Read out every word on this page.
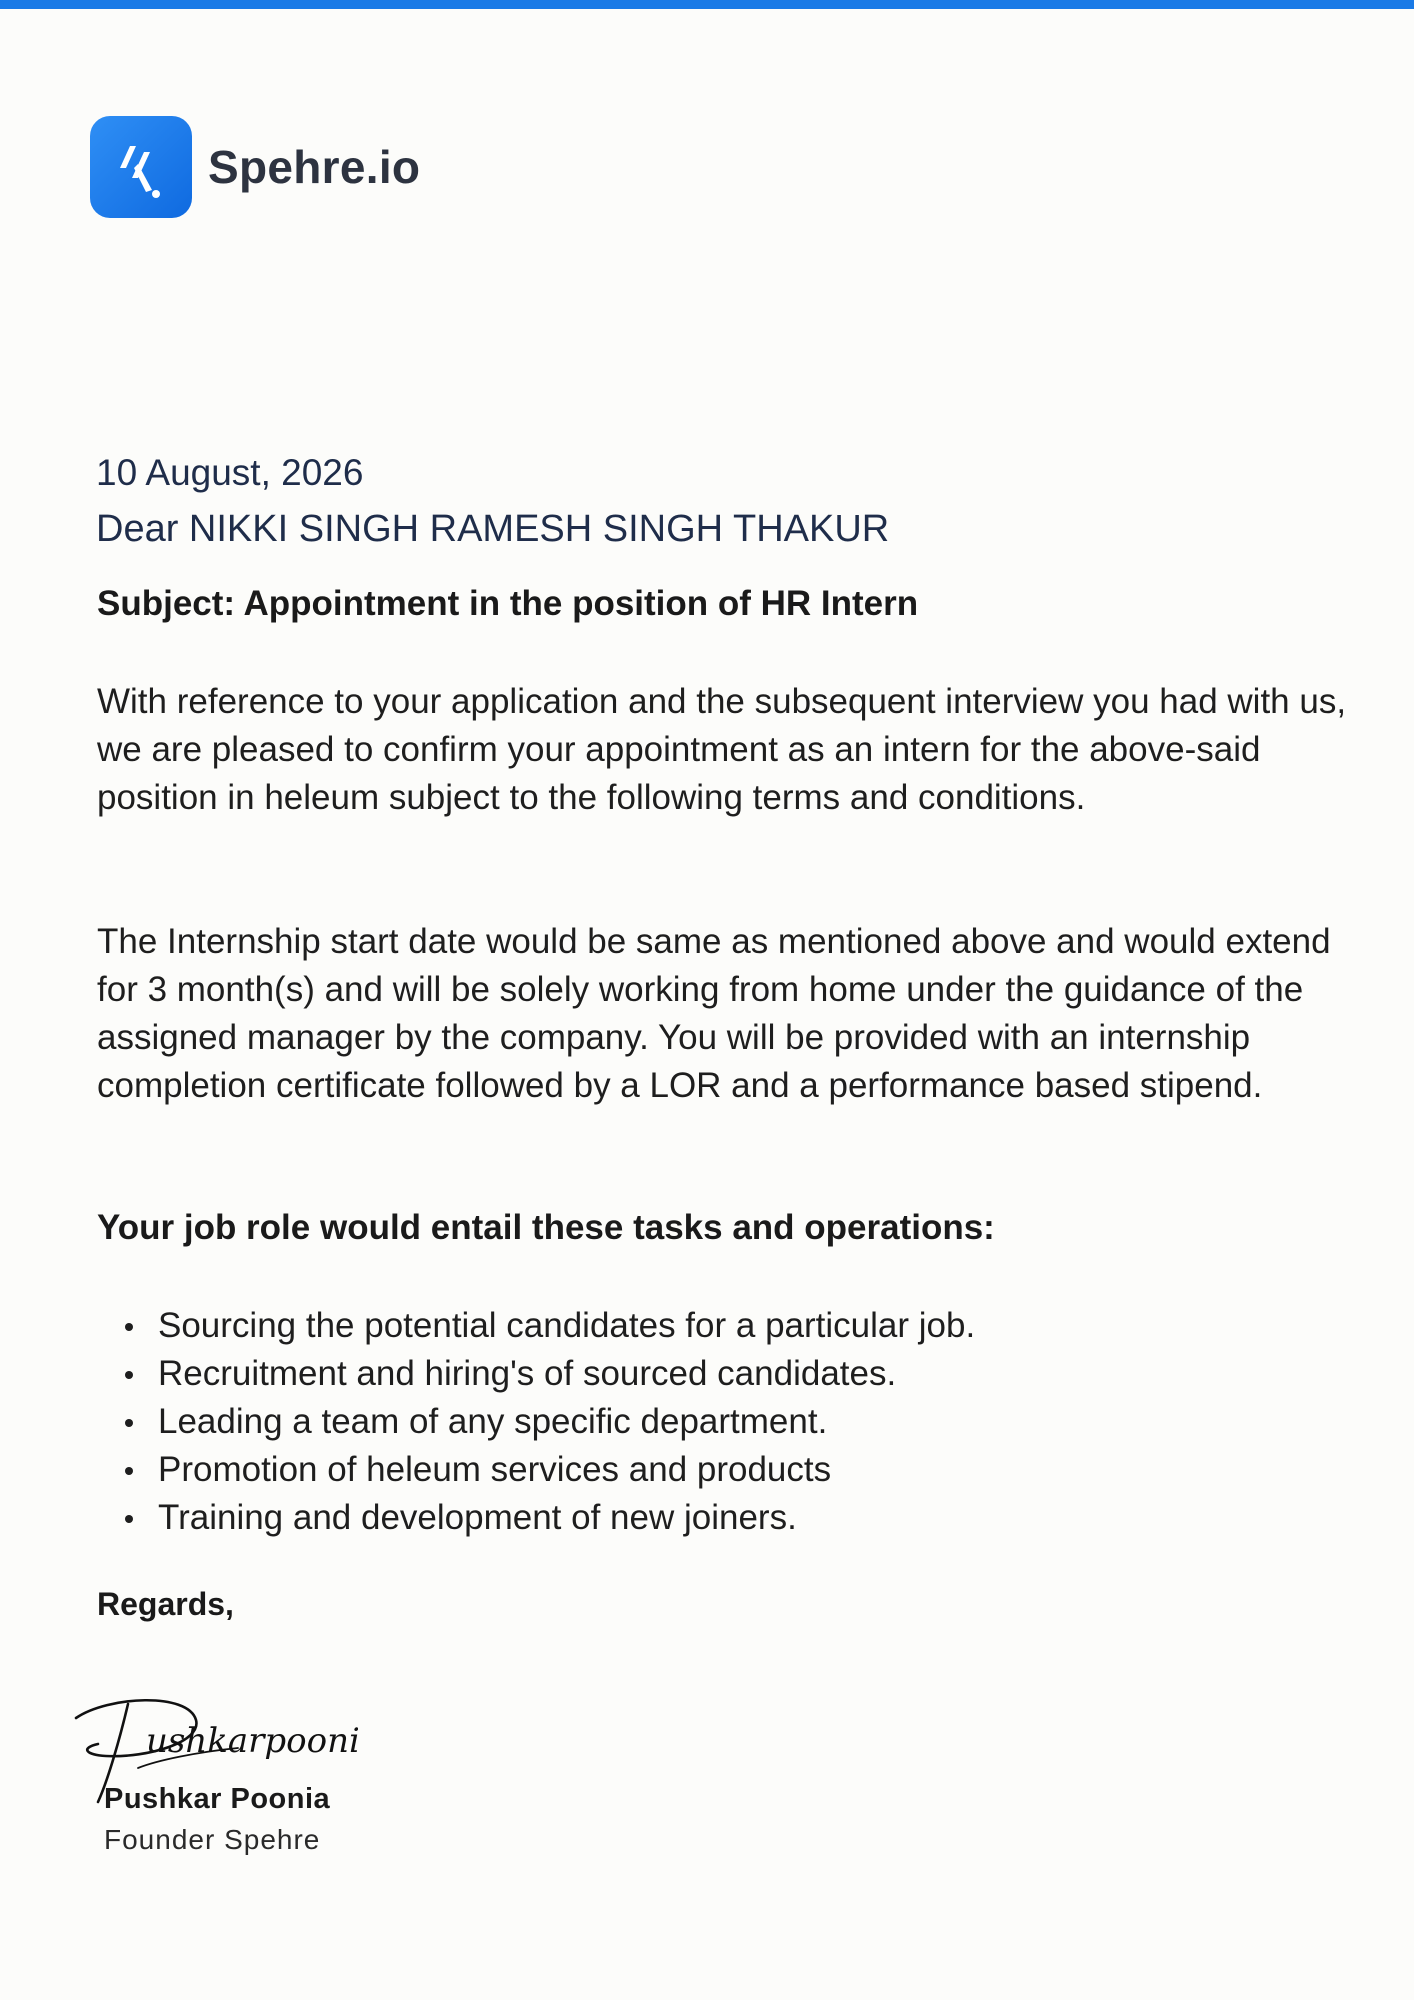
Spehre.io
10 August, 2026
Dear NIKKI SINGH RAMESH SINGH THAKUR
Subject: Appointment in the position of HR Intern
With reference to your application and the subsequent interview you had with us, we are pleased to confirm your appointment as an intern for the above-said position in heleum subject to the following terms and conditions.
The Internship start date would be same as mentioned above and would extend for 3 month(s) and will be solely working from home under the guidance of the assigned manager by the company. You will be provided with an internship completion certificate followed by a LOR and a performance based stipend.
Your job role would entail these tasks and operations:
Sourcing the potential candidates for a particular job.
Recruitment and hiring's of sourced candidates.
Leading a team of any specific department.
Promotion of heleum services and products
Training and development of new joiners.
Regards,
ushkarpoonia
Pushkar Poonia
Founder Spehre
